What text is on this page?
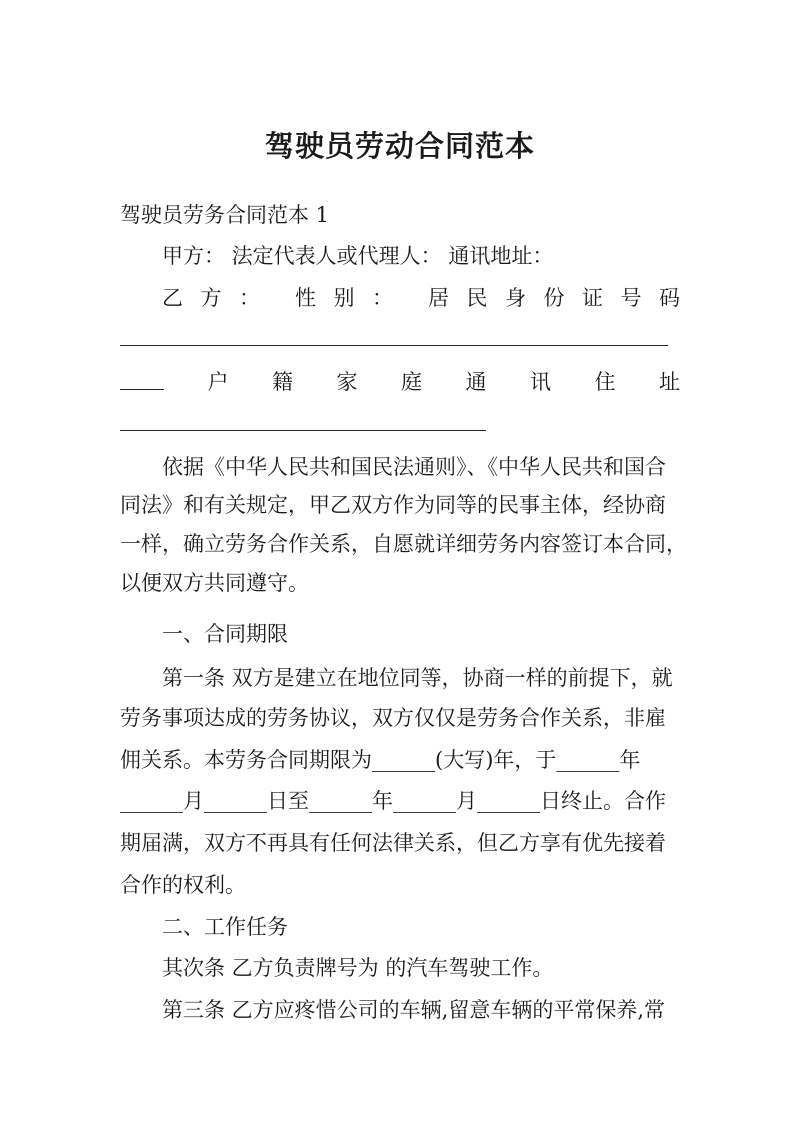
驾驶员劳动合同范本
驾驶员劳务合同范本 1
甲方： 法定代表人或代理人： 通讯地址：
乙 方 ： 性 别 ： 居 民 身 份 证 号 码
户 籍 家 庭 通 讯 住 址
依据《中华人民共和国民法通则》、《中华人民共和国合
同法》和有关规定，甲乙双方作为同等的民事主体，经协商
一样，确立劳务合作关系，自愿就详细劳务内容签订本合同，
以便双方共同遵守。
一、合同期限
第一条 双方是建立在地位同等，协商一样的前提下，就
劳务事项达成的劳务协议，双方仅仅是劳务合作关系，非雇
佣关系。本劳务合同期限为______(大写)年，于______年
______月______日至______年______月______日终止。合作
期届满，双方不再具有任何法律关系，但乙方享有优先接着
合作的权利。
二、工作任务
其次条 乙方负责牌号为 的汽车驾驶工作。
第三条 乙方应疼惜公司的车辆,留意车辆的平常保养,常
